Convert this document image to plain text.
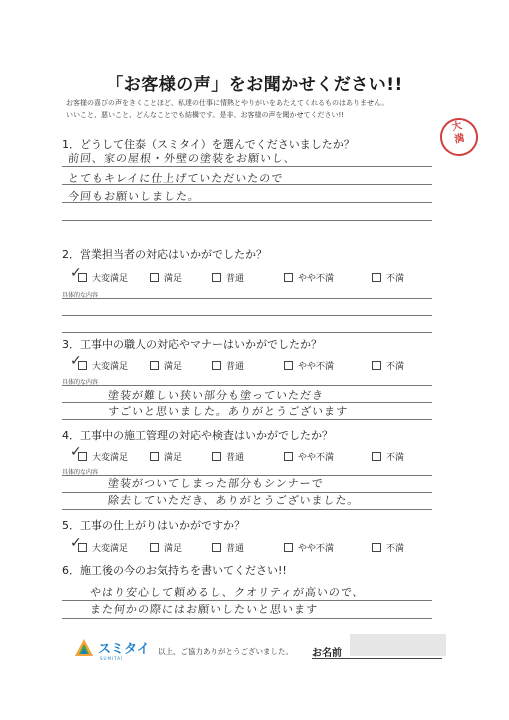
「お客様の声」をお聞かせください!!
お客様の喜びの声をきくことほど、私達の仕事に情熱とやりがいをあたえてくれるものはありません。
いいこと、悪いこと、どんなことでも結構です。是非、お客様の声を聞かせてください!!
大
満
1．どうして住泰（スミタイ）を選んでくださいましたか？
前回、家の屋根・外壁の塗装をお願いし、
とてもキレイに仕上げていただいたので
今回もお願いしました。
2．営業担当者の対応はいかがでしたか？
✓ 大変満足	満足	普通	やや不満	不満
具体的な内容
3．工事中の職人の対応やマナーはいかがでしたか？
✓ 大変満足	満足	普通	やや不満	不満
具体的な内容
塗装が難しい狭い部分も塗っていただき
すごいと思いました。ありがとうございます
4．工事中の施工管理の対応や検査はいかがでしたか？
✓ 大変満足	満足	普通	やや不満	不満
具体的な内容
塗装がついてしまった部分もシンナーで
除去していただき、ありがとうございました。
5．工事の仕上がりはいかがですか？
✓ 大変満足	満足	普通	やや不満	不満
6．施工後の今のお気持ちを書いてください!!
やはり安心して頼めるし、クオリティが高いので、
また何かの際にはお願いしたいと思います
スミタイ
SUMITAI
以上、ご協力ありがとうございました。 お名前
